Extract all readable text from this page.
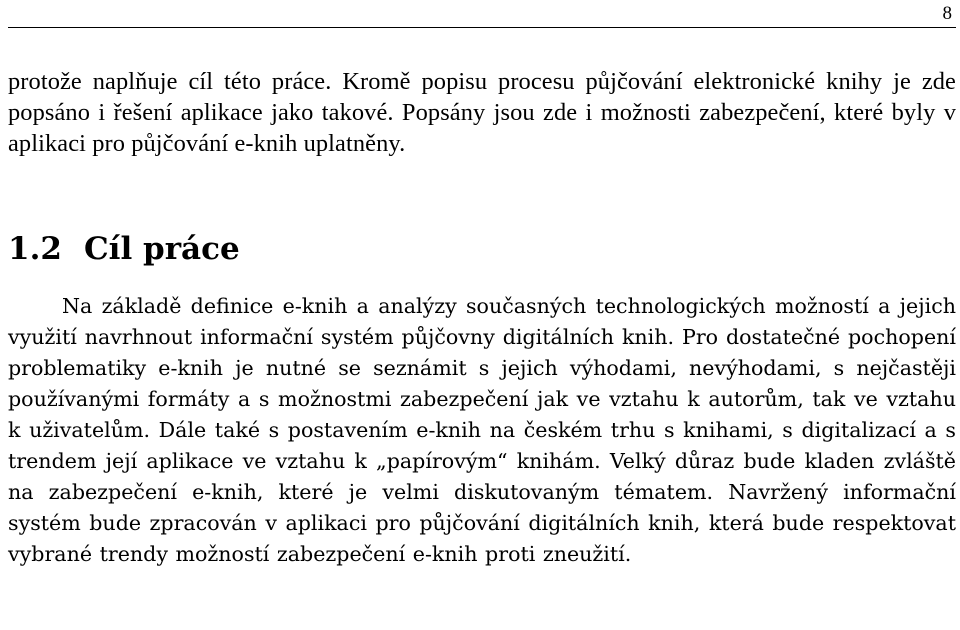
8

protože naplňuje cíl této práce. Kromě popisu procesu půjčování elektronické knihy je zde popsáno i řešení aplikace jako takové. Popsány jsou zde i možnosti zabezpečení, které byly v aplikaci pro půjčování e-knih uplatněny.

1.2 Cíl práce

Na základě definice e-knih a analýzy současných technologických možností a jejich využití navrhnout informační systém půjčovny digitálních knih. Pro dostatečné pochopení problematiky e-knih je nutné se seznámit s jejich výhodami, nevýhodami, s nejčastěji používanými formáty a s možnostmi zabezpečení jak ve vztahu k autorům, tak ve vztahu k uživatelům. Dále také s postavením e-knih na českém trhu s knihami, s digitalizací a s trendem její aplikace ve vztahu k „papírovým“ knihám. Velký důraz bude kladen zvláště na zabezpečení e-knih, které je velmi diskutovaným tématem. Navržený informační systém bude zpracován v aplikaci pro půjčování digitálních knih, která bude respektovat vybrané trendy možností zabezpečení e-knih proti zneužití.
